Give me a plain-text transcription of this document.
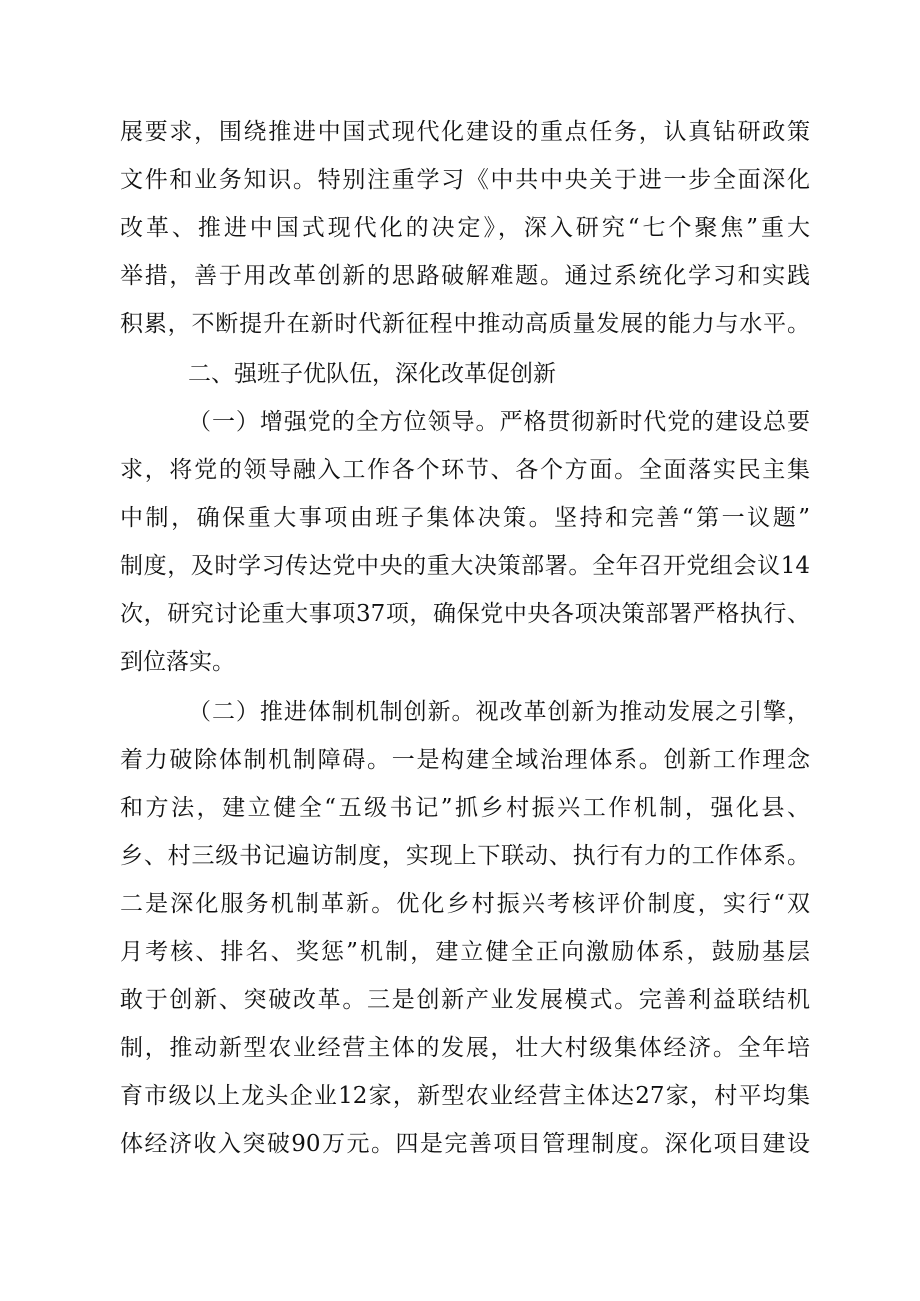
展要求，围绕推进中国式现代化建设的重点任务，认真钻研政策
文件和业务知识。特别注重学习《中共中央关于进一步全面深化
改革、推进中国式现代化的决定》，深入研究“七个聚焦”重大
举措，善于用改革创新的思路破解难题。通过系统化学习和实践
积累，不断提升在新时代新征程中推动高质量发展的能力与水平。
二、强班子优队伍，深化改革促创新
（一）增强党的全方位领导。严格贯彻新时代党的建设总要
求，将党的领导融入工作各个环节、各个方面。全面落实民主集
中制，确保重大事项由班子集体决策。坚持和完善“第一议题”
制度，及时学习传达党中央的重大决策部署。全年召开党组会议14
次，研究讨论重大事项37项，确保党中央各项决策部署严格执行、
到位落实。
（二）推进体制机制创新。视改革创新为推动发展之引擎，
着力破除体制机制障碍。一是构建全域治理体系。创新工作理念
和方法，建立健全“五级书记”抓乡村振兴工作机制，强化县、
乡、村三级书记遍访制度，实现上下联动、执行有力的工作体系。
二是深化服务机制革新。优化乡村振兴考核评价制度，实行“双
月考核、排名、奖惩”机制，建立健全正向激励体系，鼓励基层
敢于创新、突破改革。三是创新产业发展模式。完善利益联结机
制，推动新型农业经营主体的发展，壮大村级集体经济。全年培
育市级以上龙头企业12家，新型农业经营主体达27家，村平均集
体经济收入突破90万元。四是完善项目管理制度。深化项目建设
